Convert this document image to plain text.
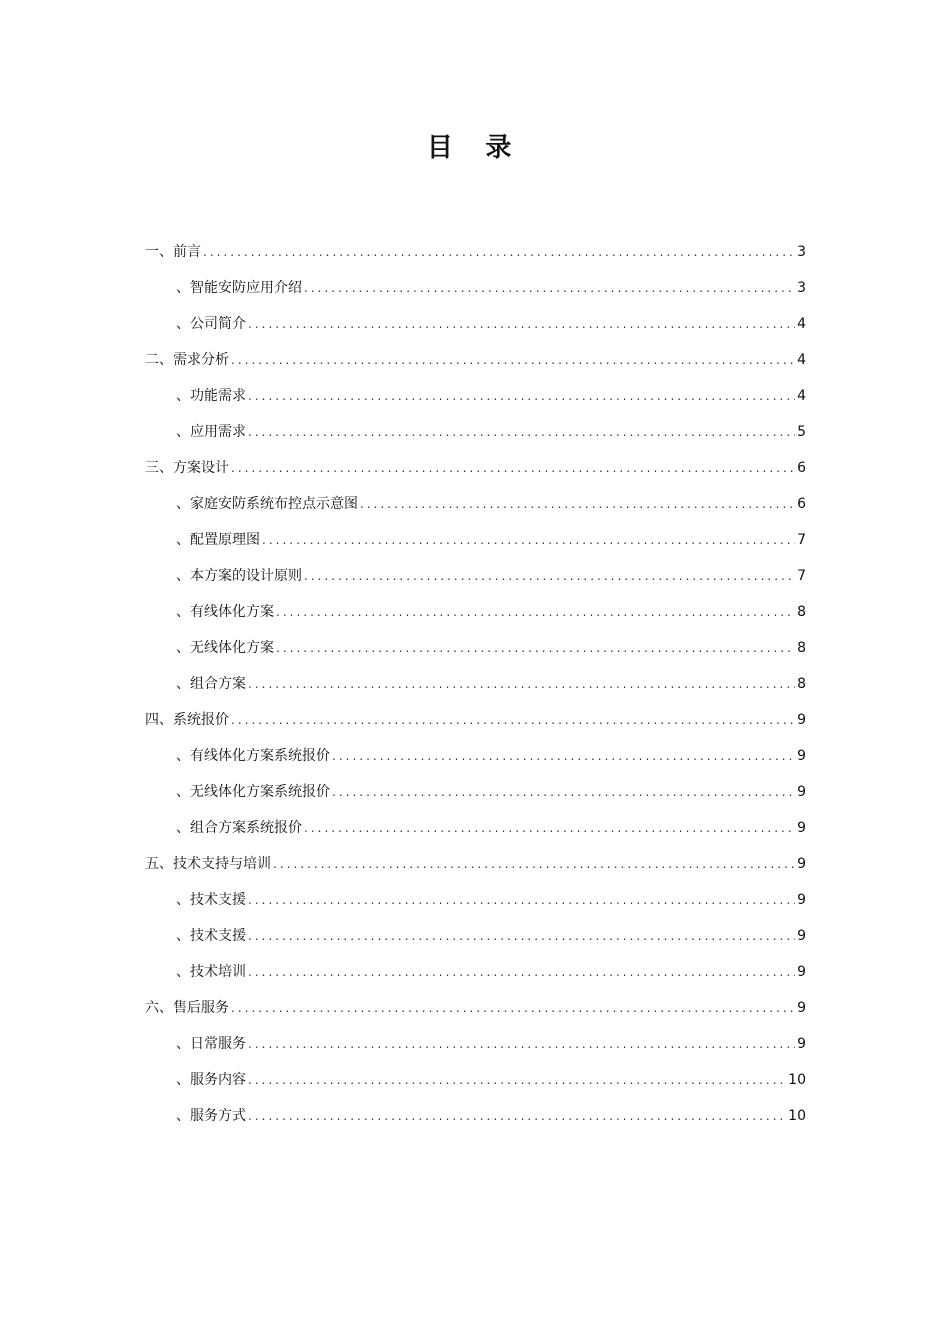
目 录
一、前言 .....	3
、智能安防应用介绍 .....	3
、公司简介 .....	4
二、需求分析 .....	4
、功能需求 .....	4
、应用需求 .....	5
三、方案设计 .....	6
、家庭安防系统布控点示意图 .....	6
、配置原理图 .....	7
、本方案的设计原则 .....	7
、有线体化方案 .....	8
、无线体化方案 .....	8
、组合方案 .....	8
四、系统报价 .....	9
、有线体化方案系统报价 .....	9
、无线体化方案系统报价 .....	9
、组合方案系统报价 .....	9
五、技术支持与培训 .....	9
、技术支援 .....	9
、技术支援 .....	9
、技术培训 .....	9
六、售后服务 .....	9
、日常服务 .....	9
、服务内容 .....	10
、服务方式 .....	10
